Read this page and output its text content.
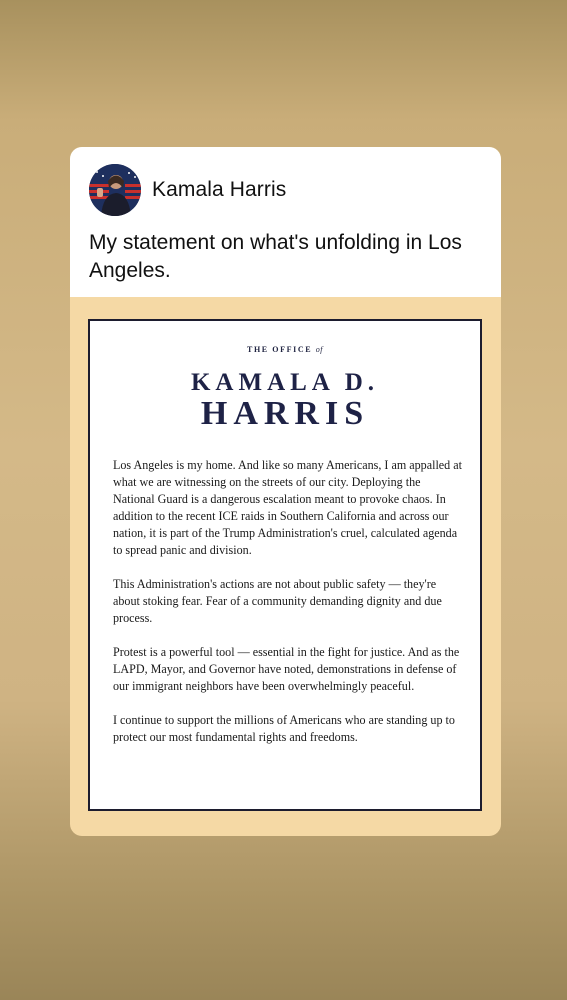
Kamala Harris
My statement on what's unfolding in Los Angeles.
THE OFFICE of
KAMALA D.
HARRIS

Los Angeles is my home. And like so many Americans, I am appalled at what we are witnessing on the streets of our city. Deploying the National Guard is a dangerous escalation meant to provoke chaos. In addition to the recent ICE raids in Southern California and across our nation, it is part of the Trump Administration's cruel, calculated agenda to spread panic and division.

This Administration's actions are not about public safety — they're about stoking fear. Fear of a community demanding dignity and due process.

Protest is a powerful tool — essential in the fight for justice. And as the LAPD, Mayor, and Governor have noted, demonstrations in defense of our immigrant neighbors have been overwhelmingly peaceful.

I continue to support the millions of Americans who are standing up to protect our most fundamental rights and freedoms.
